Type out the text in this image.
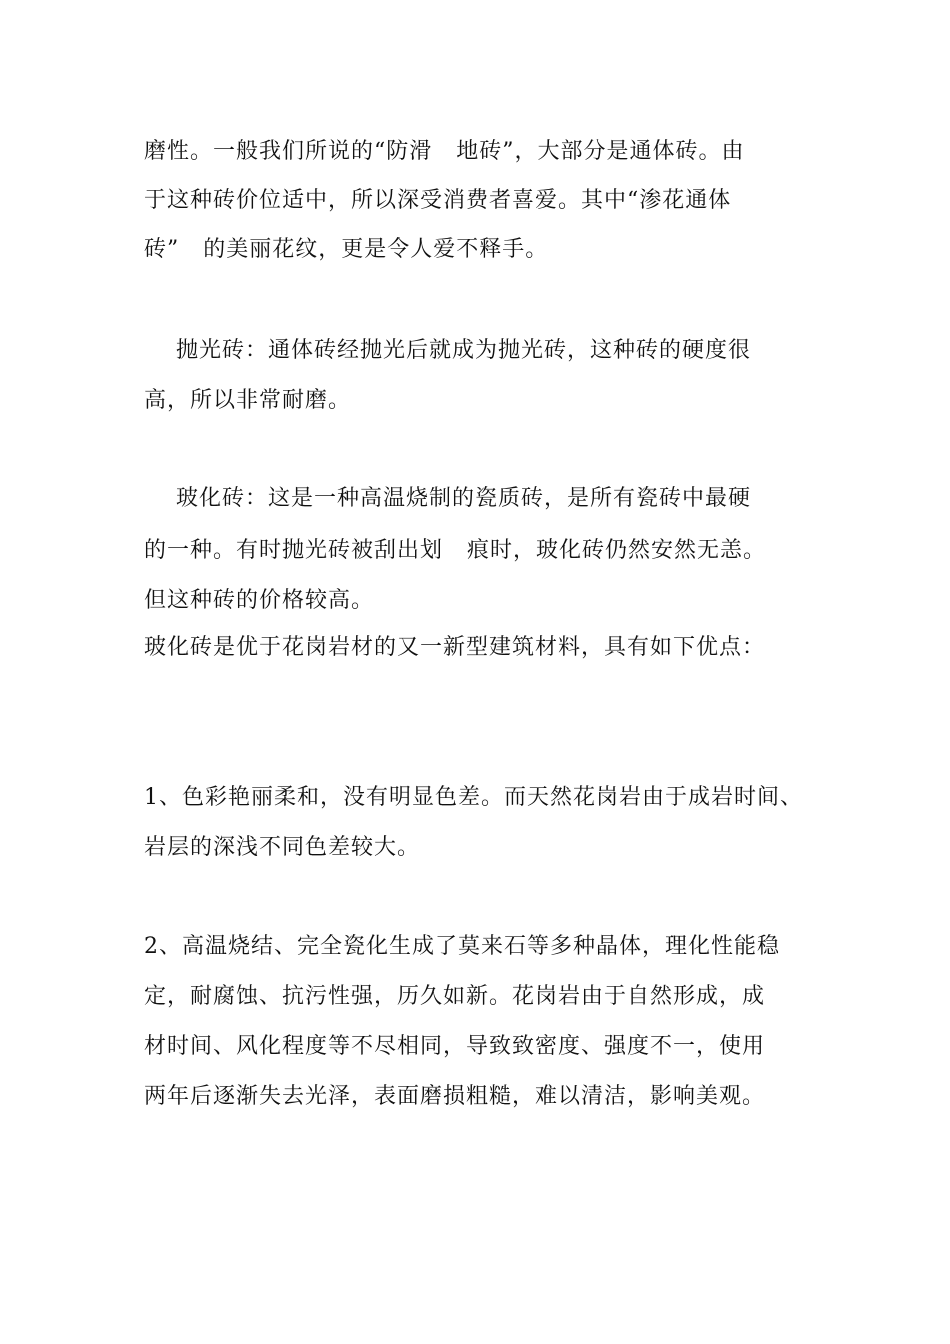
磨性。一般我们所说的“防滑   地砖”，大部分是通体砖。由
于这种砖价位适中，所以深受消费者喜爱。其中“渗花通体
砖”   的美丽花纹，更是令人爱不释手。
抛光砖：通体砖经抛光后就成为抛光砖，这种砖的硬度很
高，所以非常耐磨。
玻化砖：这是一种高温烧制的瓷质砖，是所有瓷砖中最硬
的一种。有时抛光砖被刮出划   痕时，玻化砖仍然安然无恙。
但这种砖的价格较高。
玻化砖是优于花岗岩材的又一新型建筑材料，具有如下优点：
1、色彩艳丽柔和，没有明显色差。而天然花岗岩由于成岩时间、
岩层的深浅不同色差较大。
2、高温烧结、完全瓷化生成了莫来石等多种晶体，理化性能稳
定，耐腐蚀、抗污性强，历久如新。花岗岩由于自然形成，成
材时间、风化程度等不尽相同，导致致密度、强度不一，使用
两年后逐渐失去光泽，表面磨损粗糙，难以清洁，影响美观。
